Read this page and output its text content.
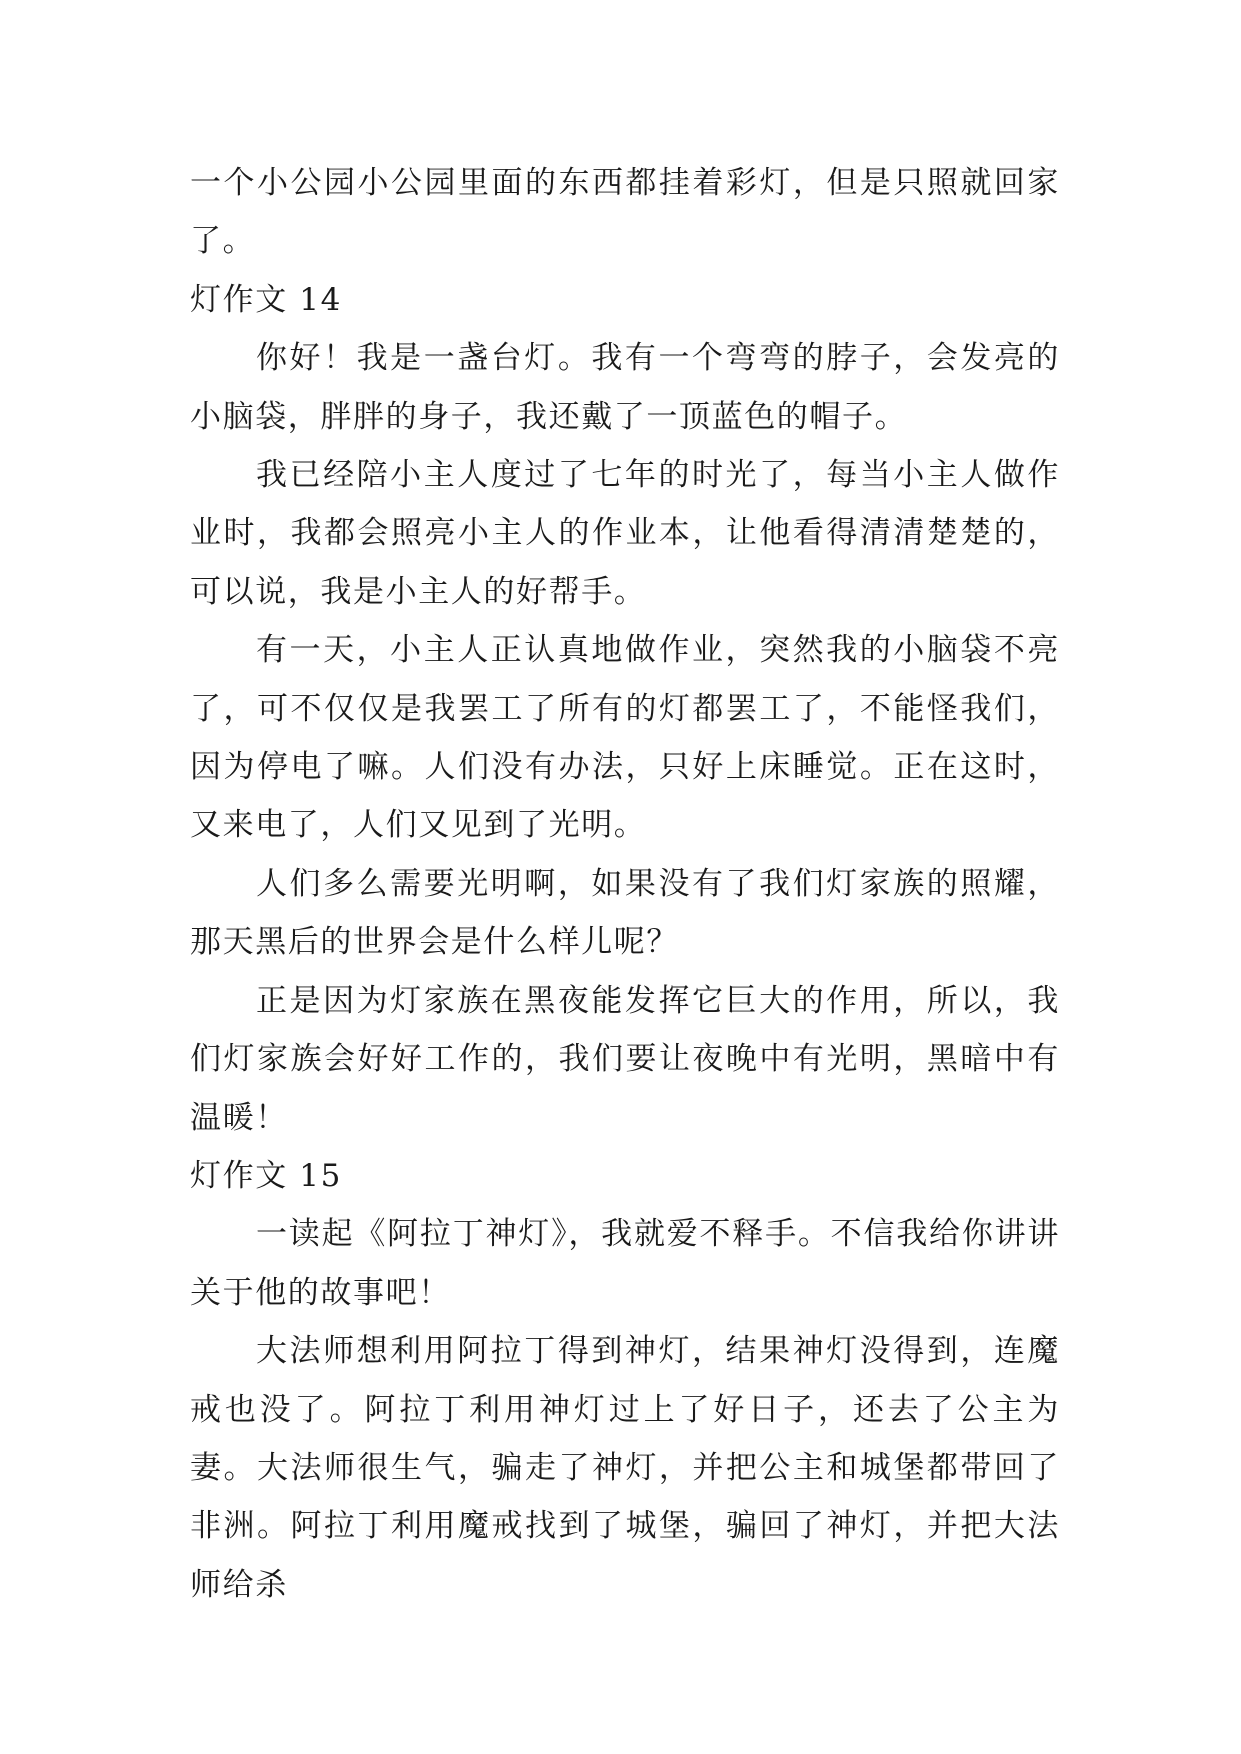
一个小公园小公园里面的东西都挂着彩灯，但是只照就回家了。

灯作文 14

你好！我是一盏台灯。我有一个弯弯的脖子，会发亮的小脑袋，胖胖的身子，我还戴了一顶蓝色的帽子。

我已经陪小主人度过了七年的时光了，每当小主人做作业时，我都会照亮小主人的作业本，让他看得清清楚楚的，可以说，我是小主人的好帮手。

有一天，小主人正认真地做作业，突然我的小脑袋不亮了，可不仅仅是我罢工了所有的灯都罢工了，不能怪我们，因为停电了嘛。人们没有办法，只好上床睡觉。正在这时，又来电了，人们又见到了光明。

人们多么需要光明啊，如果没有了我们灯家族的照耀，那天黑后的世界会是什么样儿呢？

正是因为灯家族在黑夜能发挥它巨大的作用，所以，我们灯家族会好好工作的，我们要让夜晚中有光明，黑暗中有温暖！

灯作文 15

一读起《阿拉丁神灯》，我就爱不释手。不信我给你讲讲关于他的故事吧！

大法师想利用阿拉丁得到神灯，结果神灯没得到，连魔戒也没了。阿拉丁利用神灯过上了好日子，还去了公主为妻。大法师很生气，骗走了神灯，并把公主和城堡都带回了非洲。阿拉丁利用魔戒找到了城堡，骗回了神灯，并把大法师给杀
